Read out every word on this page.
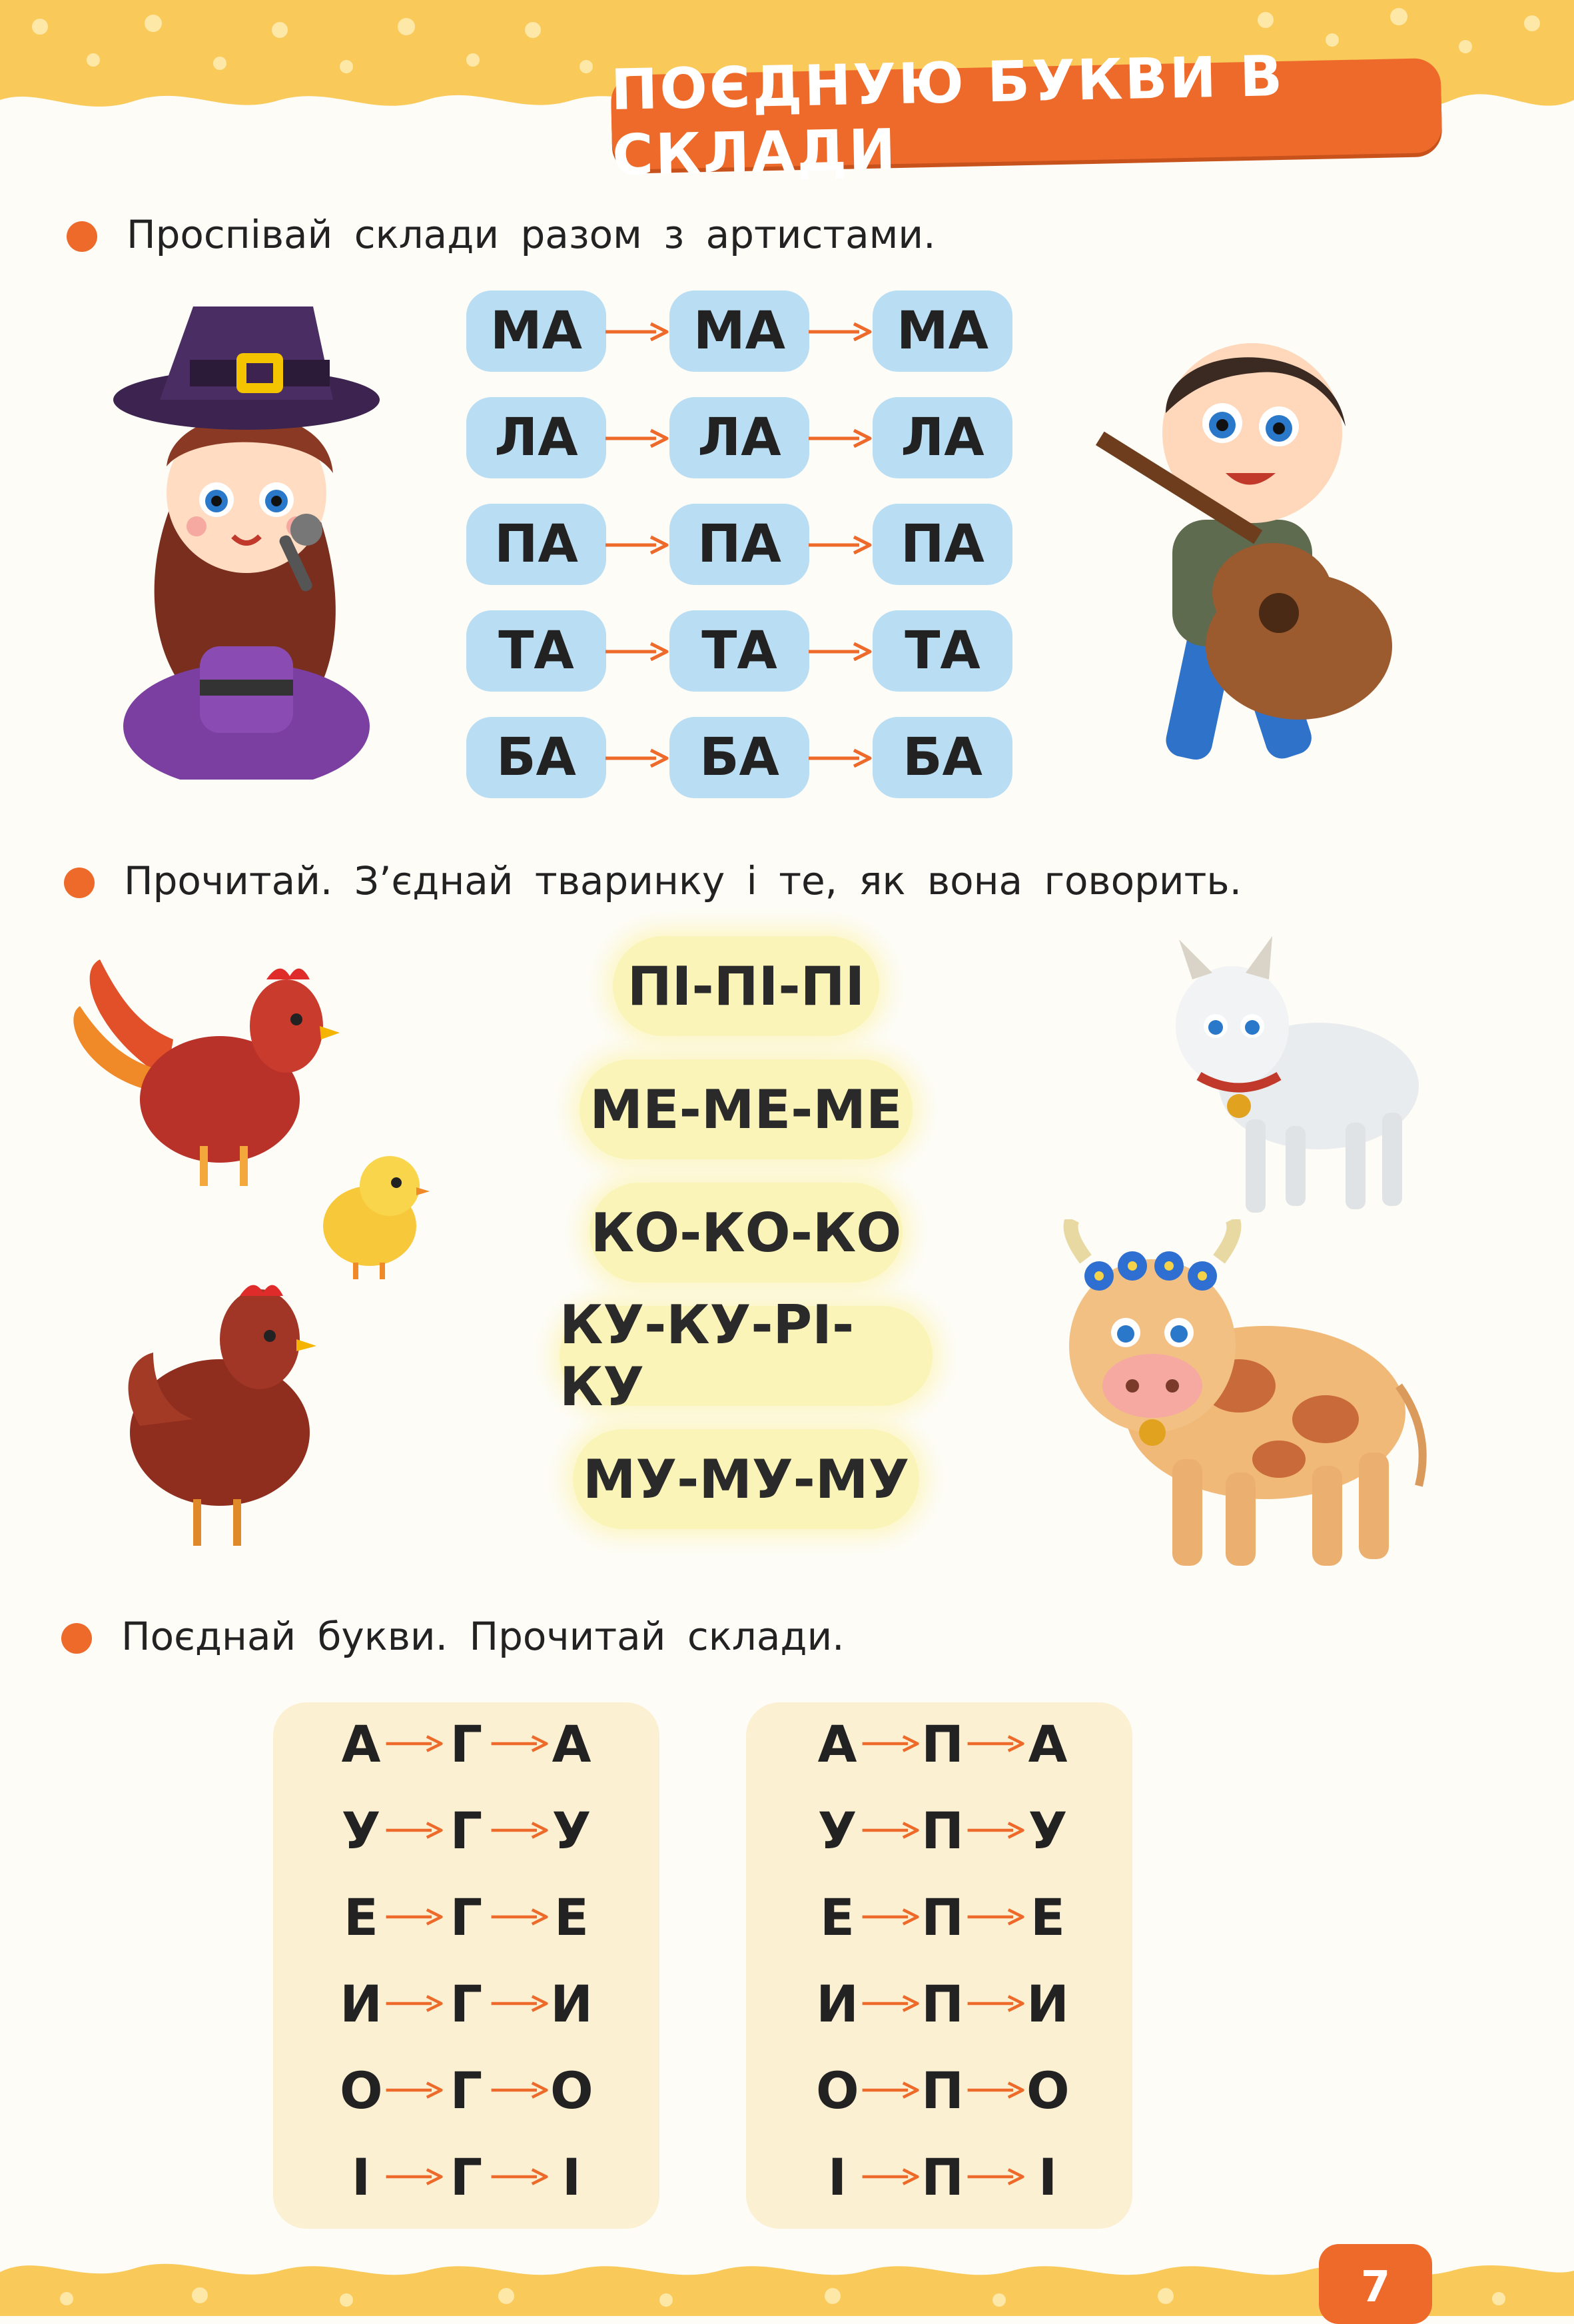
ПОЄДНУЮ БУКВИ В СКЛАДИ
Проспівай склади разом з артистами.
МА	МА	МА
ЛА	ЛА	ЛА
ПА	ПА	ПА
ТА	ТА	ТА
БА	БА	БА
Прочитай. З’єднай тваринку і те, як вона говорить.
ПІ-ПІ-ПІ
МЕ-МЕ-МЕ
КО-КО-КО
КУ-КУ-РІ-КУ
МУ-МУ-МУ
Поєднай букви. Прочитай склади.
А Г А
У Г У
Е Г Е
И Г И
О Г О
І Г І
А П А
У П У
Е П Е
И П И
О П О
І П І
7
